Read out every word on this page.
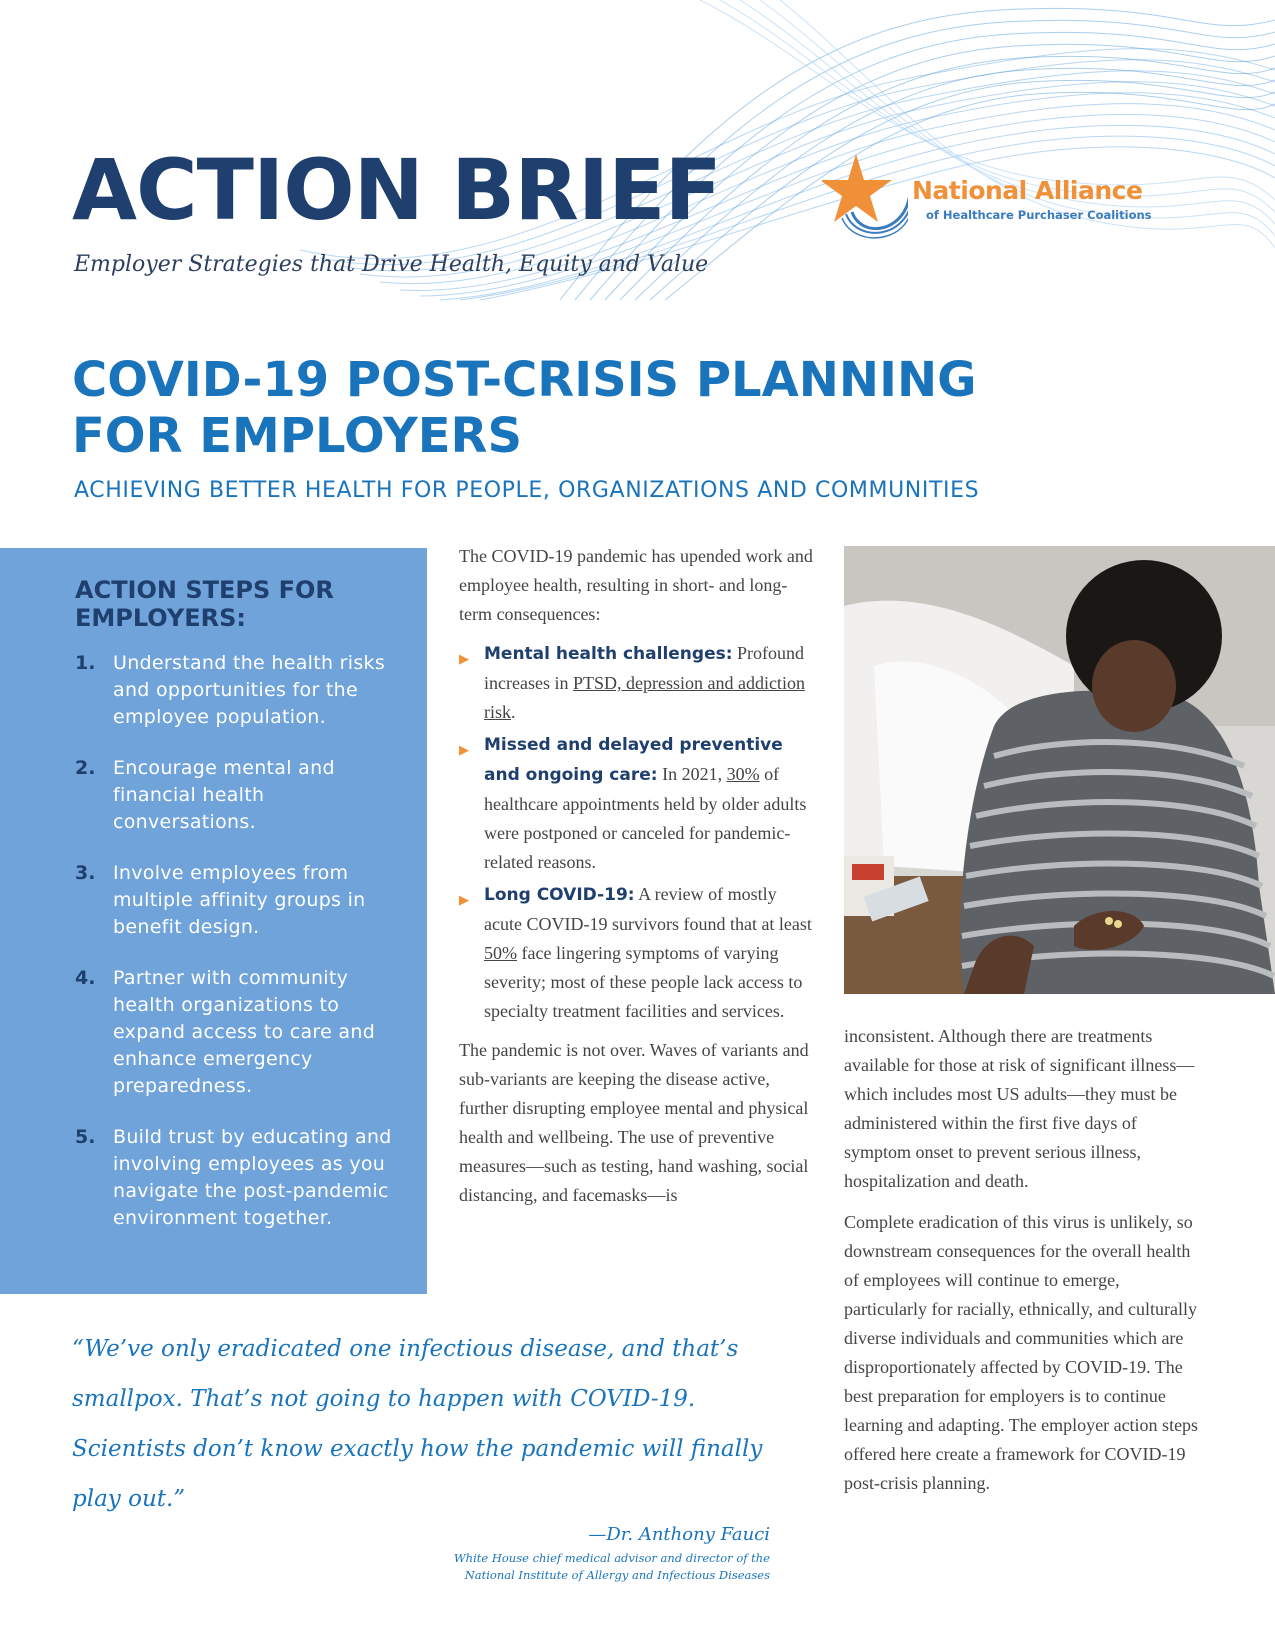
ACTION BRIEF

Employer Strategies that Drive Health, Equity and Value

National Alliance
of Healthcare Purchaser Coalitions
COVID-19 POST-CRISIS PLANNING
FOR EMPLOYERS

ACHIEVING BETTER HEALTH FOR PEOPLE, ORGANIZATIONS AND COMMUNITIES

ACTION STEPS FOR EMPLOYERS:
1. Understand the health risks and opportunities for the employee population.
2. Encourage mental and financial health conversations.
3. Involve employees from multiple affinity groups in benefit design.
4. Partner with community health organizations to expand access to care and enhance emergency preparedness.
5. Build trust by educating and involving employees as you navigate the post-pandemic environment together.

The COVID-19 pandemic has upended work and employee health, resulting in short- and long-term consequences:

▶ Mental health challenges: Profound increases in PTSD, depression and addiction risk.
▶ Missed and delayed preventive and ongoing care: In 2021, 30% of healthcare appointments held by older adults were postponed or canceled for pandemic-related reasons.
▶ Long COVID-19: A review of mostly acute COVID-19 survivors found that at least 50% face lingering symptoms of varying severity; most of these people lack access to specialty treatment facilities and services.

The pandemic is not over. Waves of variants and sub-variants are keeping the disease active, further disrupting employee mental and physical health and wellbeing. The use of preventive measures—such as testing, hand washing, social distancing, and facemasks—is

inconsistent. Although there are treatments available for those at risk of significant illness—which includes most US adults—they must be administered within the first five days of symptom onset to prevent serious illness, hospitalization and death.

Complete eradication of this virus is unlikely, so downstream consequences for the overall health of employees will continue to emerge, particularly for racially, ethnically, and culturally diverse individuals and communities which are disproportionately affected by COVID-19. The best preparation for employers is to continue learning and adapting. The employer action steps offered here create a framework for COVID-19 post-crisis planning.

“We’ve only eradicated one infectious disease, and that’s smallpox. That’s not going to happen with COVID-19. Scientists don’t know exactly how the pandemic will finally play out.”
—Dr. Anthony Fauci
White House chief medical advisor and director of the
National Institute of Allergy and Infectious Diseases
